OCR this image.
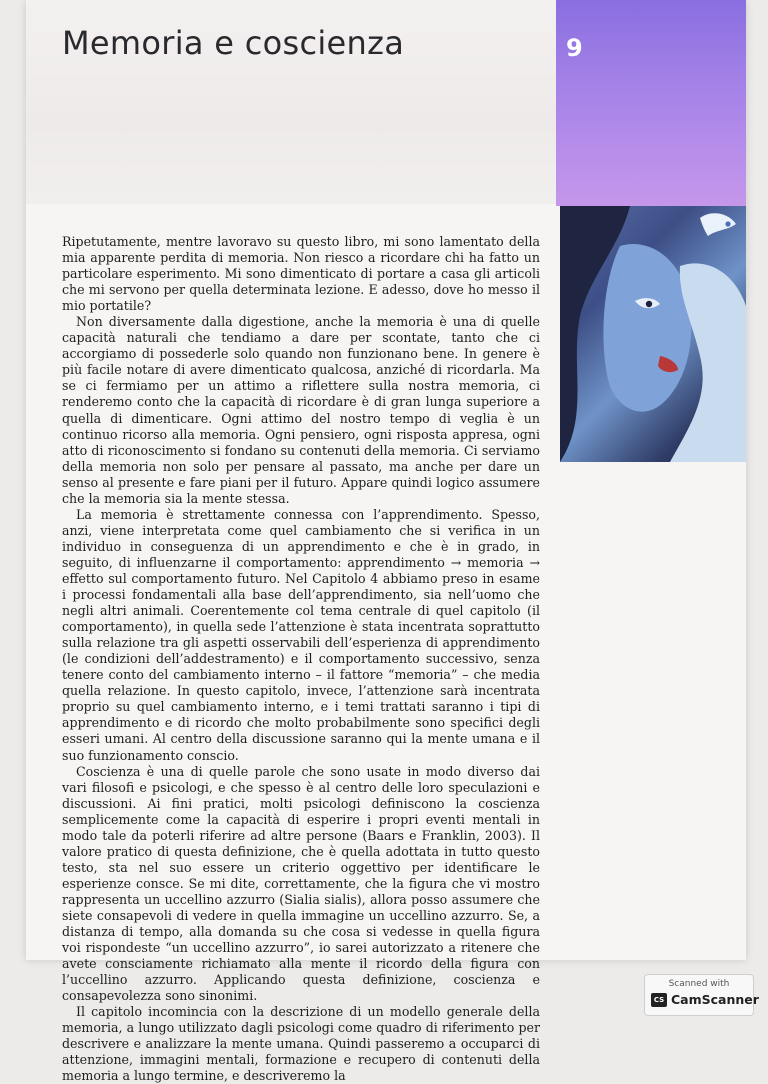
Memoria e coscienza	9

Ripetutamente, mentre lavoravo su questo libro, mi sono lamentato della mia apparente perdita di memoria. Non riesco a ricordare chi ha fatto un particolare esperimento. Mi sono dimenticato di portare a casa gli articoli che mi servono per quella determinata lezione. E adesso, dove ho messo il mio portatile?

Non diversamente dalla digestione, anche la memoria è una di quelle capacità naturali che tendiamo a dare per scontate, tanto che ci accorgiamo di possederle solo quando non funzionano bene. In genere è più facile notare di avere dimenticato qualcosa, anziché di ricordarla. Ma se ci fermiamo per un attimo a riflettere sulla nostra memoria, ci renderemo conto che la capacità di ricordare è di gran lunga superiore a quella di dimenticare. Ogni attimo del nostro tempo di veglia è un continuo ricorso alla memoria. Ogni pensiero, ogni risposta appresa, ogni atto di riconoscimento si fondano su contenuti della memoria. Ci serviamo della memoria non solo per pensare al passato, ma anche per dare un senso al presente e fare piani per il futuro. Appare quindi logico assumere che la memoria sia la mente stessa.

La memoria è strettamente connessa con l’apprendimento. Spesso, anzi, viene interpretata come quel cambiamento che si verifica in un individuo in conseguenza di un apprendimento e che è in grado, in seguito, di influenzarne il comportamento: apprendimento → memoria → effetto sul comportamento futuro. Nel Capitolo 4 abbiamo preso in esame i processi fondamentali alla base dell’apprendimento, sia nell’uomo che negli altri animali. Coerentemente col tema centrale di quel capitolo (il comportamento), in quella sede l’attenzione è stata incentrata soprattutto sulla relazione tra gli aspetti osservabili dell’esperienza di apprendimento (le condizioni dell’addestramento) e il comportamento successivo, senza tenere conto del cambiamento interno – il fattore “memoria” – che media quella relazione. In questo capitolo, invece, l’attenzione sarà incentrata proprio su quel cambiamento interno, e i temi trattati saranno i tipi di apprendimento e di ricordo che molto probabilmente sono specifici degli esseri umani. Al centro della discussione saranno qui la mente umana e il suo funzionamento conscio.

Coscienza è una di quelle parole che sono usate in modo diverso dai vari filosofi e psicologi, e che spesso è al centro delle loro speculazioni e discussioni. Ai fini pratici, molti psicologi definiscono la coscienza semplicemente come la capacità di esperire i propri eventi mentali in modo tale da poterli riferire ad altre persone (Baars e Franklin, 2003). Il valore pratico di questa definizione, che è quella adottata in tutto questo testo, sta nel suo essere un criterio oggettivo per identificare le esperienze consce. Se mi dite, correttamente, che la figura che vi mostro rappresenta un uccellino azzurro (Sialia sialis), allora posso assumere che siete consapevoli di vedere in quella immagine un uccellino azzurro. Se, a distanza di tempo, alla domanda su che cosa si vedesse in quella figura voi rispondeste “un uccellino azzurro”, io sarei autorizzato a ritenere che avete consciamente richiamato alla mente il ricordo della figura con l’uccellino azzurro. Applicando questa definizione, coscienza e consapevolezza sono sinonimi.

Il capitolo incomincia con la descrizione di un modello generale della memoria, a lungo utilizzato dagli psicologi come quadro di riferimento per descrivere e analizzare la mente umana. Quindi passeremo a occuparci di attenzione, immagini mentali, formazione e recupero di contenuti della memoria a lungo termine, e descriveremo la

Scanned with
CS CamScanner
